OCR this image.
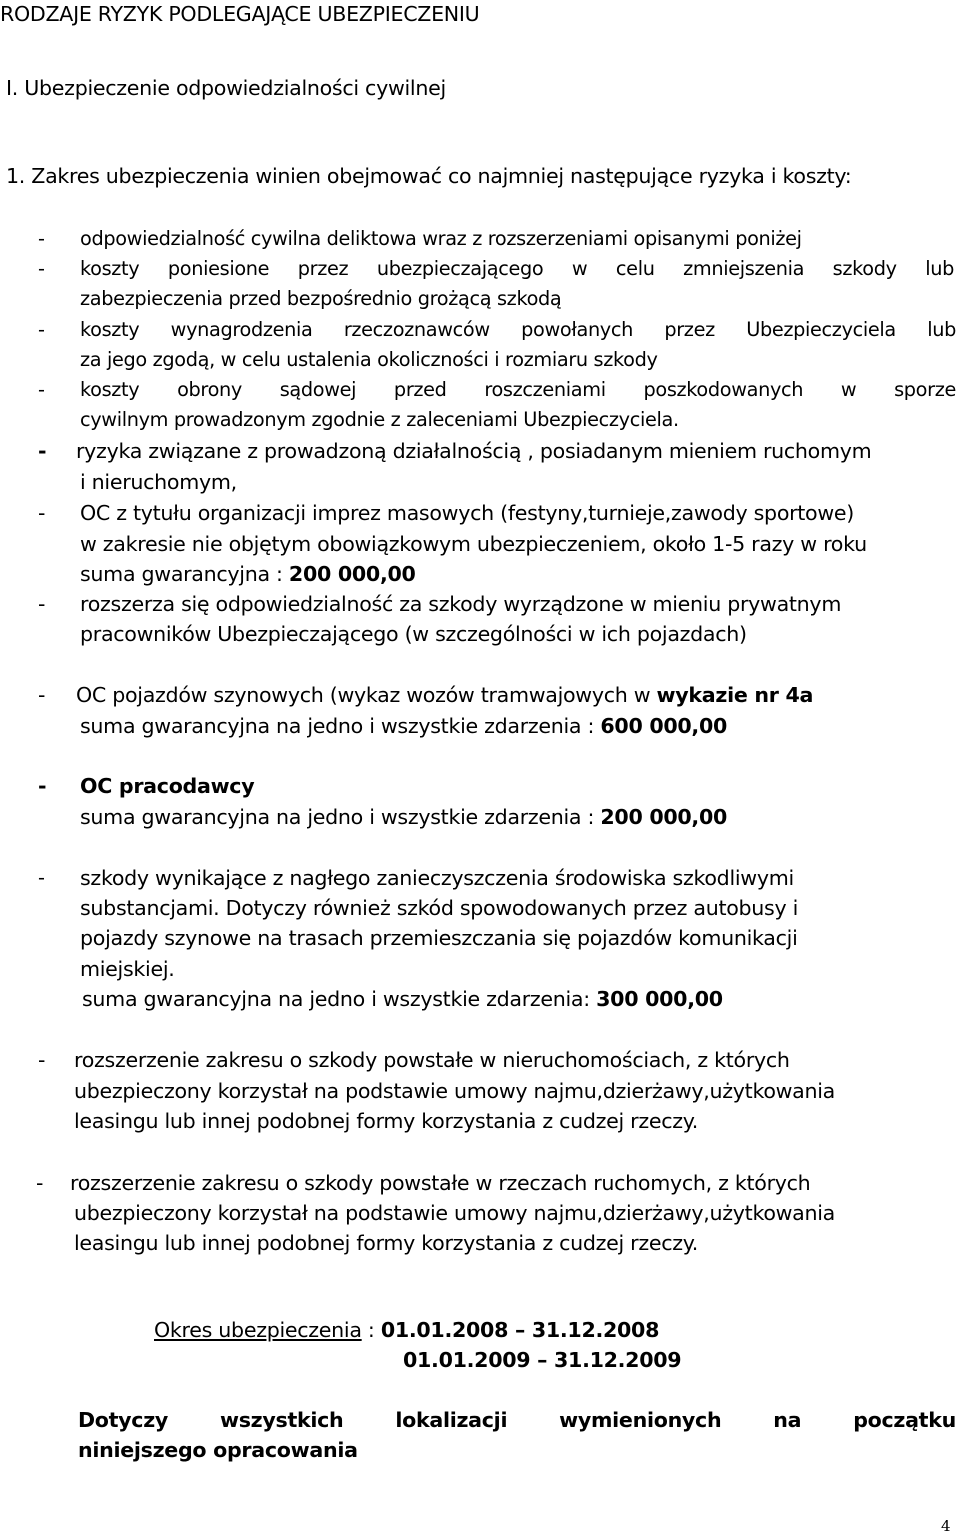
RODZAJE RYZYK PODLEGAJĄCE UBEZPIECZENIU
I. Ubezpieczenie odpowiedzialności cywilnej
1. Zakres ubezpieczenia winien obejmować co najmniej następujące ryzyka i koszty:
- odpowiedzialność cywilna deliktowa wraz z rozszerzeniami opisanymi poniżej
- koszty poniesione przez ubezpieczającego w celu zmniejszenia szkody lub
zabezpieczenia przed bezpośrednio grożącą szkodą
- koszty wynagrodzenia rzeczoznawców powołanych przez Ubezpieczyciela lub
za jego zgodą, w celu ustalenia okoliczności i rozmiaru szkody
- koszty obrony sądowej przed roszczeniami poszkodowanych w sporze
cywilnym prowadzonym zgodnie z zaleceniami Ubezpieczyciela.
- ryzyka związane z prowadzoną działalnością , posiadanym mieniem ruchomym
i nieruchomym,
- OC z tytułu organizacji imprez masowych (festyny,turnieje,zawody sportowe)
w zakresie nie objętym obowiązkowym ubezpieczeniem, około 1-5 razy w roku
suma gwarancyjna : 200 000,00
- rozszerza się odpowiedzialność za szkody wyrządzone w mieniu prywatnym
pracowników Ubezpieczającego (w szczególności w ich pojazdach)
- OC pojazdów szynowych (wykaz wozów tramwajowych w wykazie nr 4a
suma gwarancyjna na jedno i wszystkie zdarzenia : 600 000,00
- OC pracodawcy
suma gwarancyjna na jedno i wszystkie zdarzenia : 200 000,00
- szkody wynikające z nagłego zanieczyszczenia środowiska szkodliwymi
substancjami. Dotyczy również szkód spowodowanych przez autobusy i
pojazdy szynowe na trasach przemieszczania się pojazdów komunikacji
miejskiej.
suma gwarancyjna na jedno i wszystkie zdarzenia: 300 000,00
- rozszerzenie zakresu o szkody powstałe w nieruchomościach, z których
ubezpieczony korzystał na podstawie umowy najmu,dzierżawy,użytkowania
leasingu lub innej podobnej formy korzystania z cudzej rzeczy.
- rozszerzenie zakresu o szkody powstałe w rzeczach ruchomych, z których
ubezpieczony korzystał na podstawie umowy najmu,dzierżawy,użytkowania
leasingu lub innej podobnej formy korzystania z cudzej rzeczy.
Okres ubezpieczenia : 01.01.2008 – 31.12.2008
01.01.2009 – 31.12.2009
Dotyczy wszystkich lokalizacji wymienionych na początku
niniejszego opracowania
4
